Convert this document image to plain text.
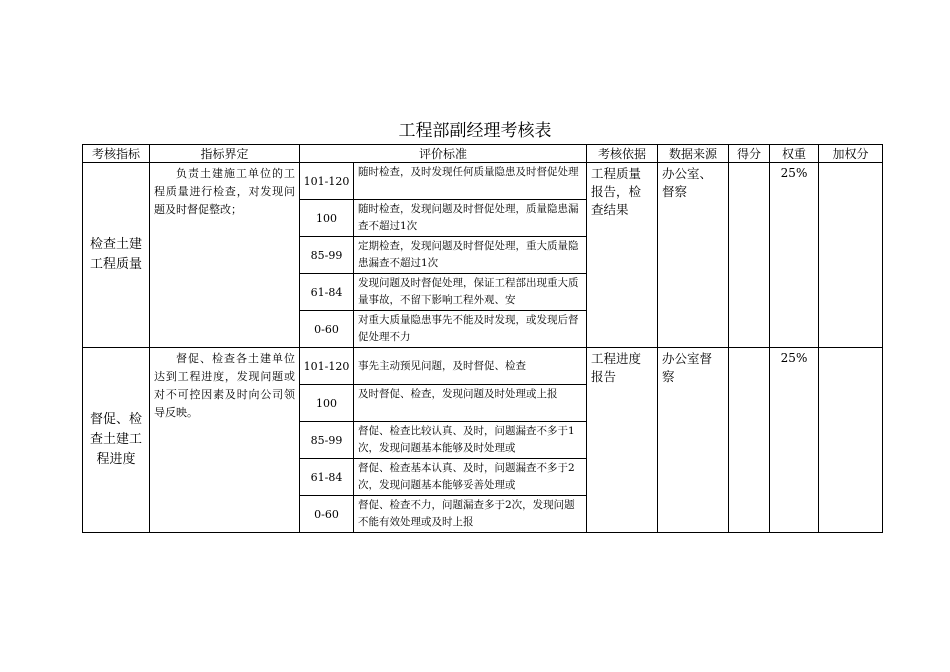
工程部副经理考核表
考核指标	指标界定	评价标准		考核依据	数据来源	得分	权重	加权分
检查土建工程质量	负责土建施工单位的工程质量进行检查，对发现问题及时督促整改；	101-120	随时检查，及时发现任何质量隐患及时督促处理	工程质量报告，检查结果	办公室、督察		25%	
		100	随时检查，发现问题及时督促处理，质量隐患漏查不超过1次					

		85-99	定期检查，发现问题及时督促处理，重大质量隐患漏查不超过1次					

		61-84	发现问题及时督促处理，保证工程部出现重大质量事故，不留下影响工程外观、安					

		0-60	对重大质量隐患事先不能及时发现，或发现后督促处理不力					

督促、检查土建工程进度	督促、检查各土建单位达到工程进度，发现问题或对不可控因素及时向公司领导反映。	101-120	事先主动预见问题，及时督促、检查	工程进度报告	办公室督察		25%	
		100	及时督促、检查，发现问题及时处理或上报					

		85-99	督促、检查比较认真、及时，问题漏查不多于1次，发现问题基本能够及时处理或					

		61-84	督促、检查基本认真、及时，问题漏查不多于2次，发现问题基本能够妥善处理或					

		0-60	督促、检查不力，问题漏查多于2次，发现问题不能有效处理或及时上报					
